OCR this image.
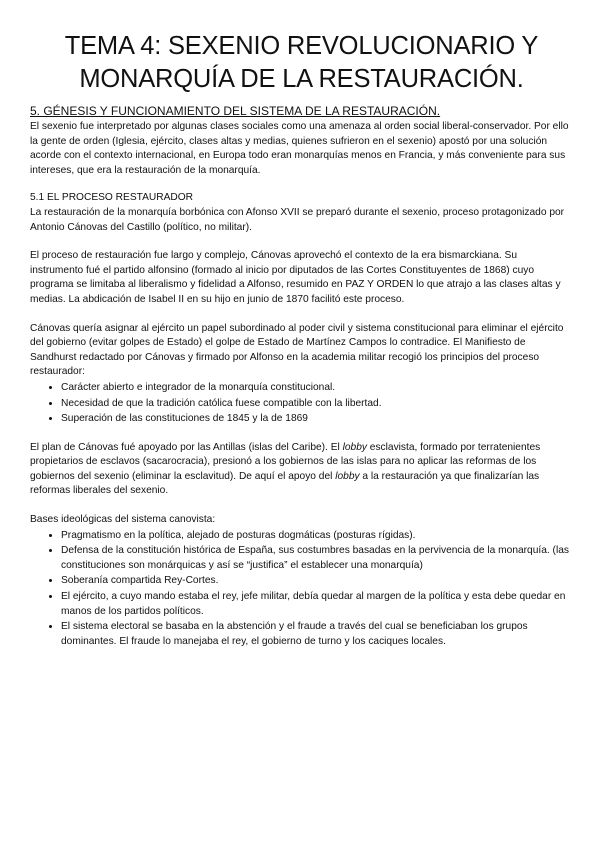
TEMA 4: SEXENIO REVOLUCIONARIO Y
MONARQUÍA DE LA RESTAURACIÓN.
5. GÉNESIS Y FUNCIONAMIENTO DEL SISTEMA DE LA RESTAURACIÓN.

El sexenio fue interpretado por algunas clases sociales como una amenaza al orden social liberal-conservador. Por ello la gente de orden (Iglesia, ejército, clases altas y medias, quienes sufrieron en el sexenio) apostó por una solución acorde con el contexto internacional, en Europa todo eran monarquías menos en Francia, y más conveniente para sus intereses, que era la restauración de la monarquía.

5.1 EL PROCESO RESTAURADOR

La restauración de la monarquía borbónica con Afonso XVII se preparó durante el sexenio, proceso protagonizado por Antonio Cánovas del Castillo (político, no militar).

El proceso de restauración fue largo y complejo, Cánovas aprovechó el contexto de la era bismarckiana. Su instrumento fué el partido alfonsino (formado al inicio por diputados de las Cortes Constituyentes de 1868) cuyo programa se limitaba al liberalismo y fidelidad a Alfonso, resumido en PAZ Y ORDEN lo que atrajo a las clases altas y medias. La abdicación de Isabel II en su hijo en junio de 1870 facilitó este proceso.

Cánovas quería asignar al ejército un papel subordinado al poder civil y sistema constitucional para eliminar el ejército del gobierno (evitar golpes de Estado) el golpe de Estado de Martínez Campos lo contradice. El Manifiesto de Sandhurst redactado por Cánovas y firmado por Alfonso en la academia militar recogió los principios del proceso restaurador:

• Carácter abierto e integrador de la monarquía constitucional.
• Necesidad de que la tradición católica fuese compatible con la libertad.
• Superación de las constituciones de 1845 y la de 1869

El plan de Cánovas fué apoyado por las Antillas (islas del Caribe). El lobby esclavista, formado por terratenientes propietarios de esclavos (sacarocracia), presionó a los gobiernos de las islas para no aplicar las reformas de los gobiernos del sexenio (eliminar la esclavitud). De aquí el apoyo del lobby a la restauración ya que finalizarían las reformas liberales del sexenio.

Bases ideológicas del sistema canovista:

• Pragmatismo en la política, alejado de posturas dogmáticas (posturas rígidas).
• Defensa de la constitución histórica de España, sus costumbres basadas en la pervivencia de la monarquía. (las constituciones son monárquicas y así se “justifica” el establecer una monarquía)
• Soberanía compartida Rey-Cortes.
• El ejército, a cuyo mando estaba el rey, jefe militar, debía quedar al margen de la política y esta debe quedar en manos de los partidos políticos.
• El sistema electoral se basaba en la abstención y el fraude a través del cual se beneficiaban los grupos dominantes. El fraude lo manejaba el rey, el gobierno de turno y los caciques locales.
